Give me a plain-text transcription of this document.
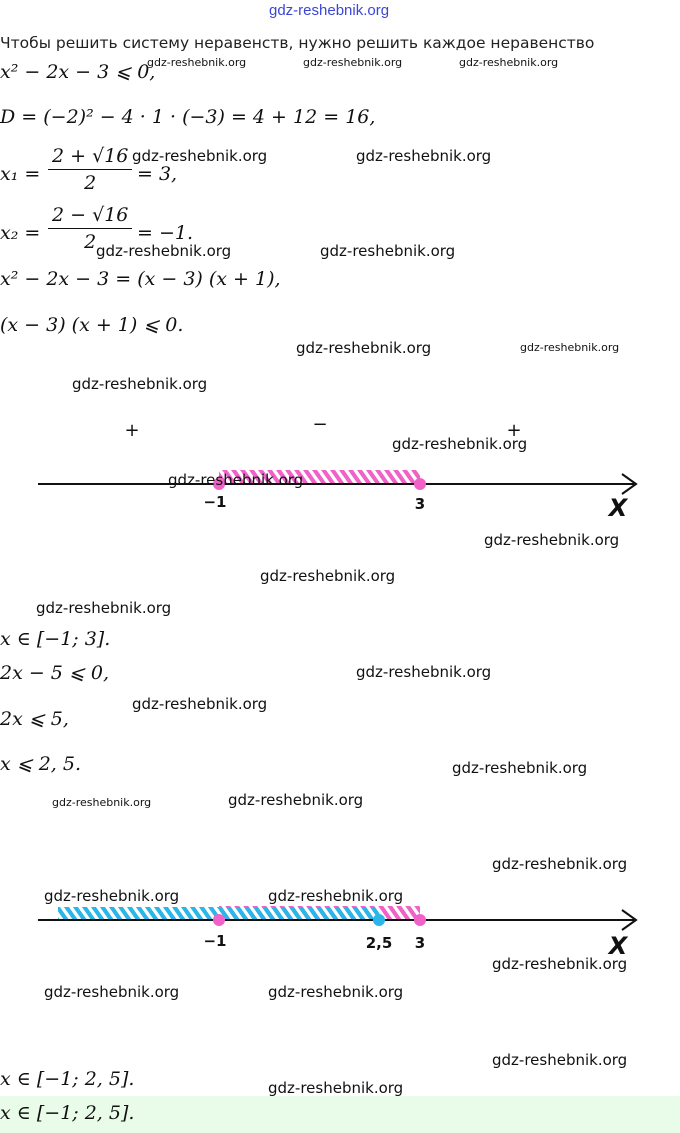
gdz-reshebnik.org
Чтобы решить систему неравенств, нужно решить каждое неравенство
x² − 2x − 3 ⩽ 0,
D = (−2)² − 4 · 1 · (−3) = 4 + 12 = 16,
$x_1 = \frac{2 + √16}{2} = 3$,
$x_2 = \frac{2 - √16}{2} = -1$.
x² − 2x − 3 = (x − 3) (x + 1),
(x − 3) (x + 1) ⩽ 0.
+	−	+
−1	3	X
x ∈ [−1; 3].
2x − 5 ⩽ 0,
2x ⩽ 5,
x ⩽ 2, 5.
−1	2,5 3	X
x ∈ [−1; 2, 5].
x ∈ [−1; 2, 5].
gdz-reshebnik.org	gdz-reshebnik.org	gdz-reshebnik.org
gdz-reshebnik.org	gdz-reshebnik.org
gdz-reshebnik.org	gdz-reshebnik.org
gdz-reshebnik.org	gdz-reshebnik.org
gdz-reshebnik.org
gdz-reshebnik.org
gdz-reshebnik.org
gdz-reshebnik.org
gdz-reshebnik.org
gdz-reshebnik.org
gdz-reshebnik.org
gdz-reshebnik.org
gdz-reshebnik.org
gdz-reshebnik.org	gdz-reshebnik.org
gdz-reshebnik.org
gdz-reshebnik.org	gdz-reshebnik.org
gdz-reshebnik.org
gdz-reshebnik.org	gdz-reshebnik.org
gdz-reshebnik.org
gdz-reshebnik.org
